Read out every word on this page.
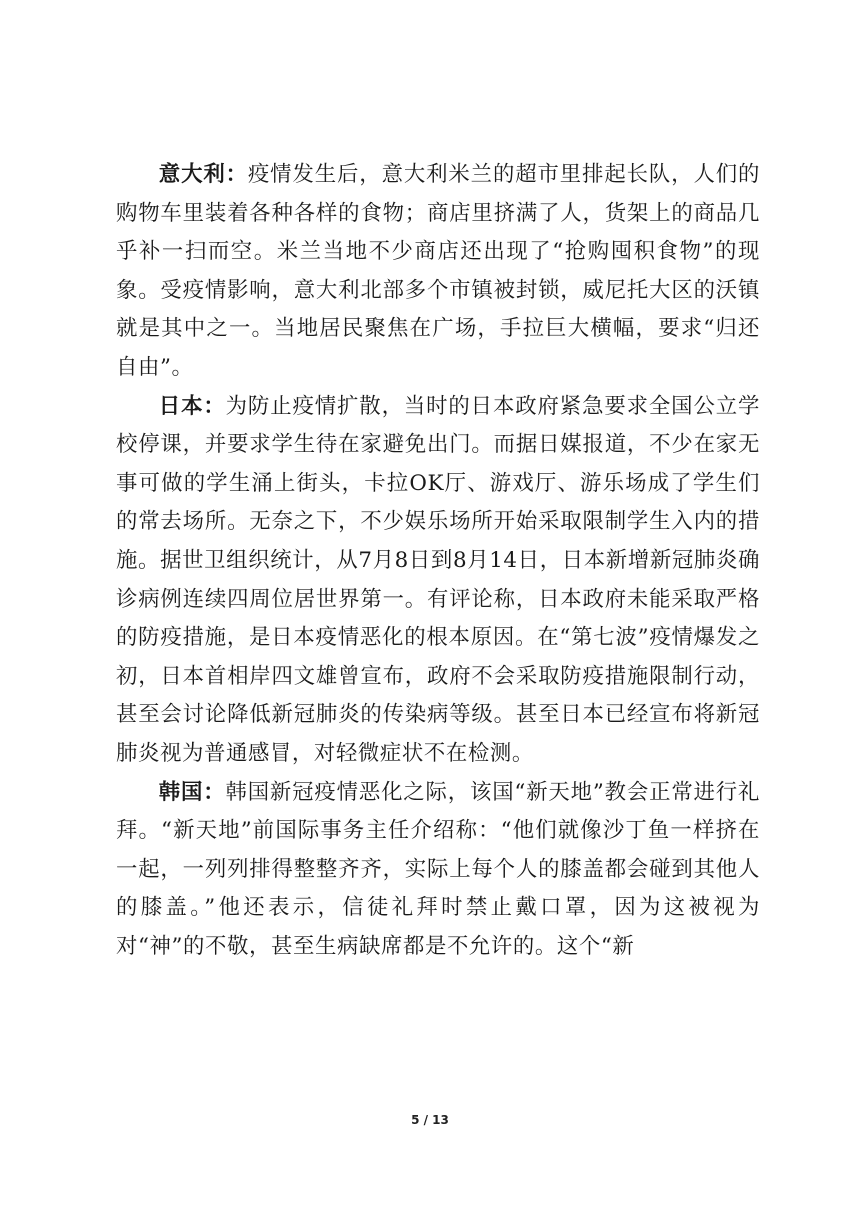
意大利：疫情发生后，意大利米兰的超市里排起长队，人们的购物车里装着各种各样的食物；商店里挤满了人，货架上的商品几乎补一扫而空。米兰当地不少商店还出现了“抢购囤积食物”的现象。受疫情影响，意大利北部多个市镇被封锁，威尼托大区的沃镇就是其中之一。当地居民聚焦在广场，手拉巨大横幅，要求“归还自由”。

日本：为防止疫情扩散，当时的日本政府紧急要求全国公立学校停课，并要求学生待在家避免出门。而据日媒报道，不少在家无事可做的学生涌上街头，卡拉OK厅、游戏厅、游乐场成了学生们的常去场所。无奈之下，不少娱乐场所开始采取限制学生入内的措施。据世卫组织统计，从7月8日到8月14日，日本新增新冠肺炎确诊病例连续四周位居世界第一。有评论称，日本政府未能采取严格的防疫措施，是日本疫情恶化的根本原因。在“第七波”疫情爆发之初，日本首相岸四文雄曾宣布，政府不会采取防疫措施限制行动，甚至会讨论降低新冠肺炎的传染病等级。甚至日本已经宣布将新冠肺炎视为普通感冒，对轻微症状不在检测。

韩国：韩国新冠疫情恶化之际，该国“新天地”教会正常进行礼拜。“新天地”前国际事务主任介绍称：“他们就像沙丁鱼一样挤在一起，一列列排得整整齐齐，实际上每个人的膝盖都会碰到其他人的膝盖。”他还表示，信徒礼拜时禁止戴口罩，因为这被视为对“神”的不敬，甚至生病缺席都是不允许的。这个“新

5 / 13
